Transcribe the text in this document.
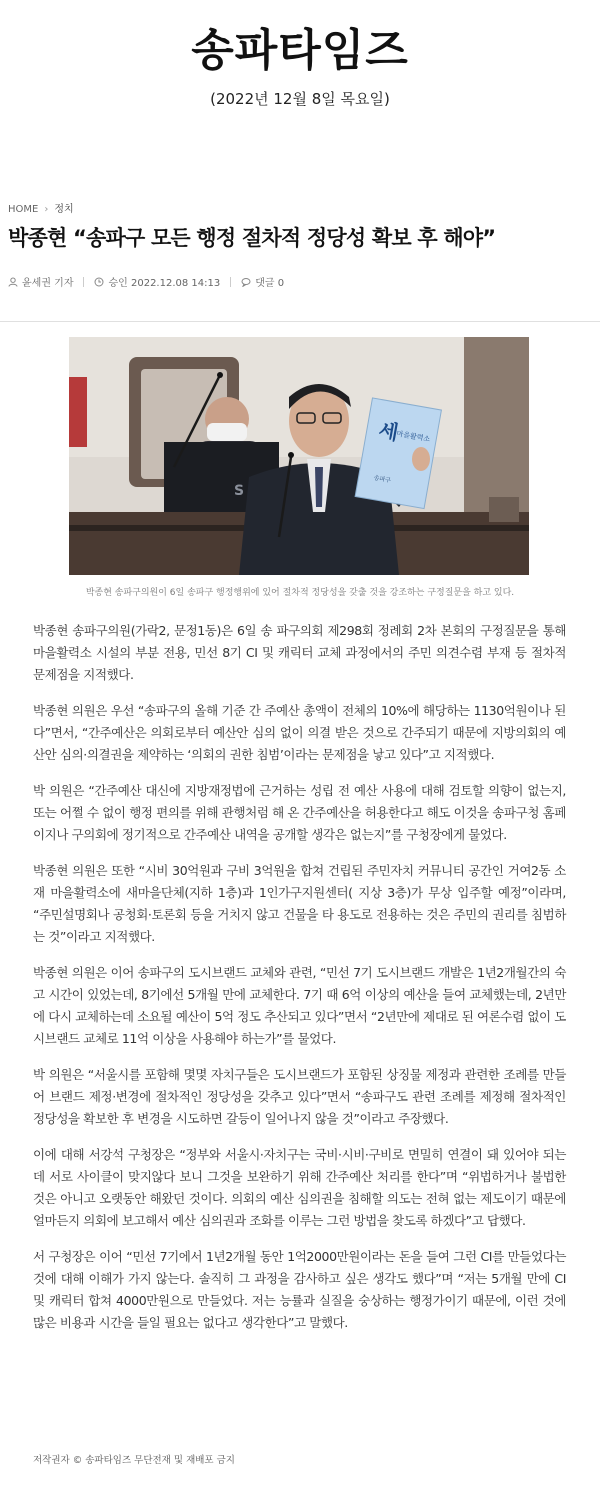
송파타임즈
(2022년 12월 8일 목요일)
HOME › 정치
박종현 “송파구 모든 행정 절차적 정당성 확보 후 해야”
윤세권 기자	승인 2022.12.08 14:13	댓글 0
S
세
마을활력소
송파구
박종현 송파구의원이 6일 송파구 행정행위에 있어 절차적 정당성을 갖출 것을 강조하는 구정질문을 하고 있다.

박종현 송파구의원(가락2, 문정1동)은 6일 송 파구의회 제298회 정례회 2차 본회의 구정질문을 통해 마을활력소 시설의 부분 전용, 민선 8기 CI 및 캐릭터 교체 과정에서의 주민 의견수렴 부재 등 절차적 문제점을 지적했다.

박종현 의원은 우선 “송파구의 올해 기준 간 주예산 총액이 전체의 10%에 해당하는 1130억원이나 된다”면서, “간주예산은 의회로부터 예산안 심의 없이 의결 받은 것으로 간주되기 때문에 지방의회의 예산안 심의·의결권을 제약하는 ‘의회의 권한 침범’이라는 문제점을 낳고 있다”고 지적했다.

박 의원은 “간주예산 대신에 지방재정법에 근거하는 성립 전 예산 사용에 대해 검토할 의향이 없는지, 또는 어쩔 수 없이 행정 편의를 위해 관행처럼 해 온 간주예산을 허용한다고 해도 이것을 송파구청 홈페이지나 구의회에 정기적으로 간주예산 내역을 공개할 생각은 없는지”를 구청장에게 물었다.

박종현 의원은 또한 “시비 30억원과 구비 3억원을 합쳐 건립된 주민자치 커뮤니티 공간인 거여2동 소재 마을활력소에 새마을단체(지하 1층)과 1인가구지원센터( 지상 3층)가 무상 입주할 예정”이라며, “주민설명회나 공청회·토론회 등을 거치지 않고 건물을 타 용도로 전용하는 것은 주민의 권리를 침범하는 것”이라고 지적했다.

박종현 의원은 이어 송파구의 도시브랜드 교체와 관련, “민선 7기 도시브랜드 개발은 1년2개월간의 숙고 시간이 있었는데, 8기에선 5개월 만에 교체한다. 7기 때 6억 이상의 예산을 들여 교체했는데, 2년만에 다시 교체하는데 소요될 예산이 5억 정도 추산되고 있다”면서 “2년만에 제대로 된 여론수렴 없이 도시브랜드 교체로 11억 이상을 사용해야 하는가”를 물었다.

박 의원은 “서울시를 포함해 몇몇 자치구들은 도시브랜드가 포함된 상징물 제정과 관련한 조례를 만들어 브랜드 제정·변경에 절차적인 정당성을 갖추고 있다”면서 “송파구도 관련 조례를 제정해 절차적인 정당성을 확보한 후 변경을 시도하면 갈등이 일어나지 않을 것”이라고 주장했다.

이에 대해 서강석 구청장은 “정부와 서울시·자치구는 국비·시비·구비로 면밀히 연결이 돼 있어야 되는데 서로 사이클이 맞지않다 보니 그것을 보완하기 위해 간주예산 처리를 한다”며 “위법하거나 불법한 것은 아니고 오랫동안 해왔던 것이다. 의회의 예산 심의권을 침해할 의도는 전혀 없는 제도이기 때문에 얼마든지 의회에 보고해서 예산 심의권과 조화를 이루는 그런 방법을 찾도록 하겠다”고 답했다.

서 구청장은 이어 “민선 7기에서 1년2개월 동안 1억2000만원이라는 돈을 들여 그런 CI를 만들었다는 것에 대해 이해가 가지 않는다. 솔직히 그 과정을 감사하고 싶은 생각도 했다”며 “저는 5개월 만에 CI 및 캐릭터 합쳐 4000만원으로 만들었다. 저는 능률과 실질을 숭상하는 행정가이기 때문에, 이런 것에 많은 비용과 시간을 들일 필요는 없다고 생각한다”고 말했다.

저작권자 © 송파타임즈 무단전재 및 재배포 금지
